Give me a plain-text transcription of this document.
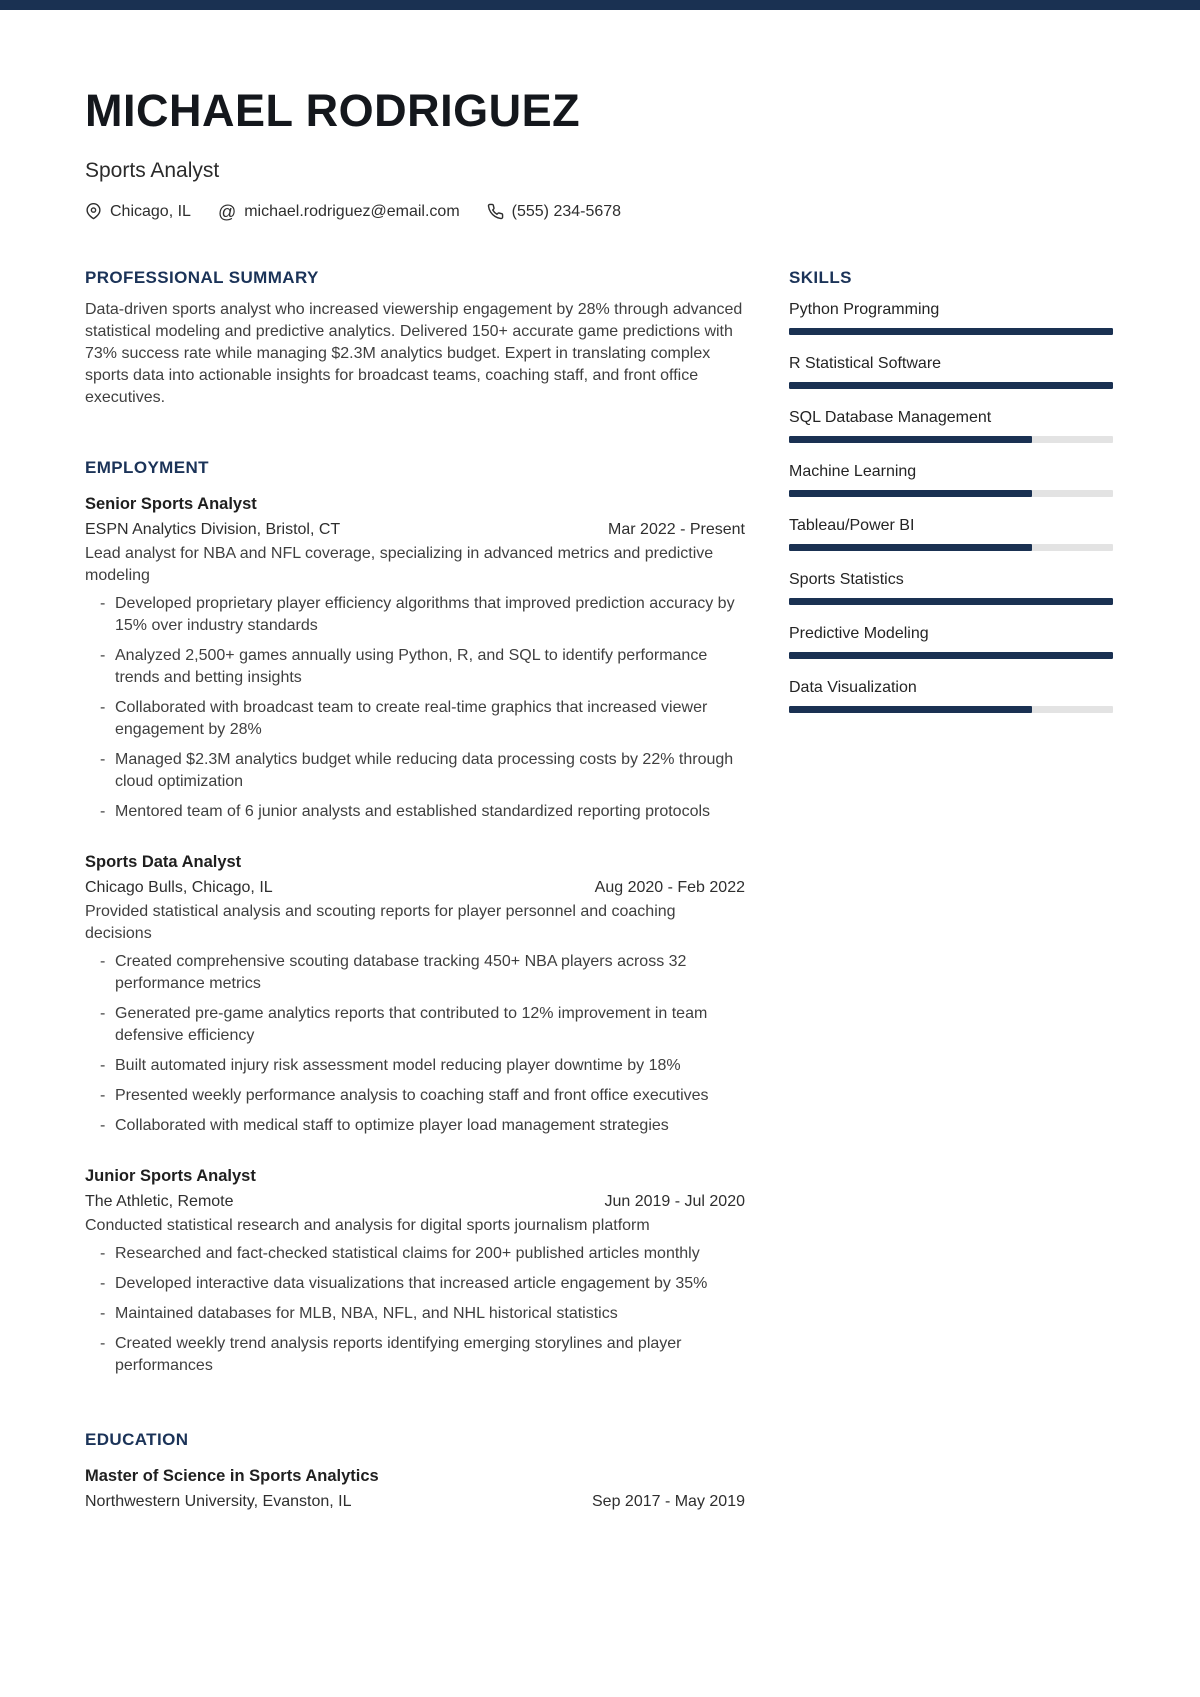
MICHAEL RODRIGUEZ
Sports Analyst
Chicago, IL @ michael.rodriguez@email.com	(555) 234-5678
PROFESSIONAL SUMMARY
Data-driven sports analyst who increased viewership engagement by 28% through advanced statistical modeling and predictive analytics. Delivered 150+ accurate game predictions with 73% success rate while managing $2.3M analytics budget. Expert in translating complex sports data into actionable insights for broadcast teams, coaching staff, and front office executives.
EMPLOYMENT
Senior Sports Analyst
ESPN Analytics Division, Bristol, CT	Mar 2022 - Present
Lead analyst for NBA and NFL coverage, specializing in advanced metrics and predictive modeling
- Developed proprietary player efficiency algorithms that improved prediction accuracy by 15% over industry standards
- Analyzed 2,500+ games annually using Python, R, and SQL to identify performance trends and betting insights
- Collaborated with broadcast team to create real-time graphics that increased viewer engagement by 28%
- Managed $2.3M analytics budget while reducing data processing costs by 22% through cloud optimization
- Mentored team of 6 junior analysts and established standardized reporting protocols
Sports Data Analyst
Chicago Bulls, Chicago, IL	Aug 2020 - Feb 2022
Provided statistical analysis and scouting reports for player personnel and coaching decisions
- Created comprehensive scouting database tracking 450+ NBA players across 32 performance metrics
- Generated pre-game analytics reports that contributed to 12% improvement in team defensive efficiency
- Built automated injury risk assessment model reducing player downtime by 18%
- Presented weekly performance analysis to coaching staff and front office executives
- Collaborated with medical staff to optimize player load management strategies
Junior Sports Analyst
The Athletic, Remote	Jun 2019 - Jul 2020
Conducted statistical research and analysis for digital sports journalism platform
- Researched and fact-checked statistical claims for 200+ published articles monthly
- Developed interactive data visualizations that increased article engagement by 35%
- Maintained databases for MLB, NBA, NFL, and NHL historical statistics
- Created weekly trend analysis reports identifying emerging storylines and player performances
EDUCATION
Master of Science in Sports Analytics
Northwestern University, Evanston, IL	Sep 2017 - May 2019
SKILLS
Python Programming
R Statistical Software
SQL Database Management
Machine Learning
Tableau/Power BI
Sports Statistics
Predictive Modeling
Data Visualization
